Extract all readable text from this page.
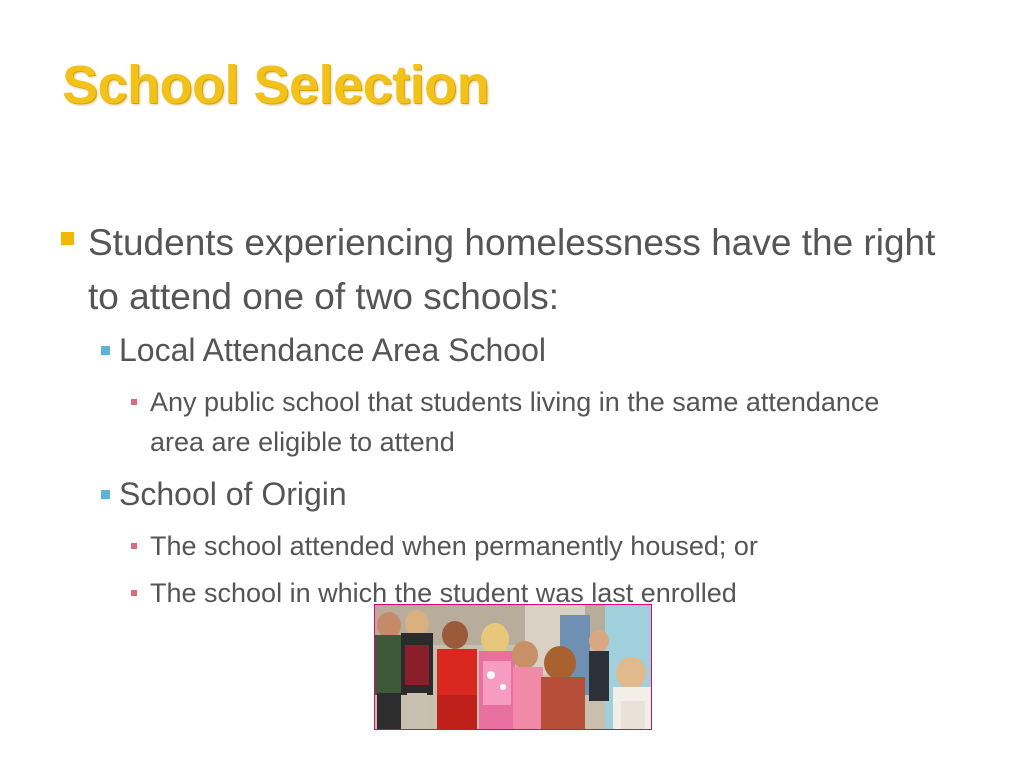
School Selection
Students experiencing homelessness have the right to attend one of two schools:
Local Attendance Area School
Any public school that students living in the same attendance area are eligible to attend
School of Origin
The school attended when permanently housed; or
The school in which the student was last enrolled
